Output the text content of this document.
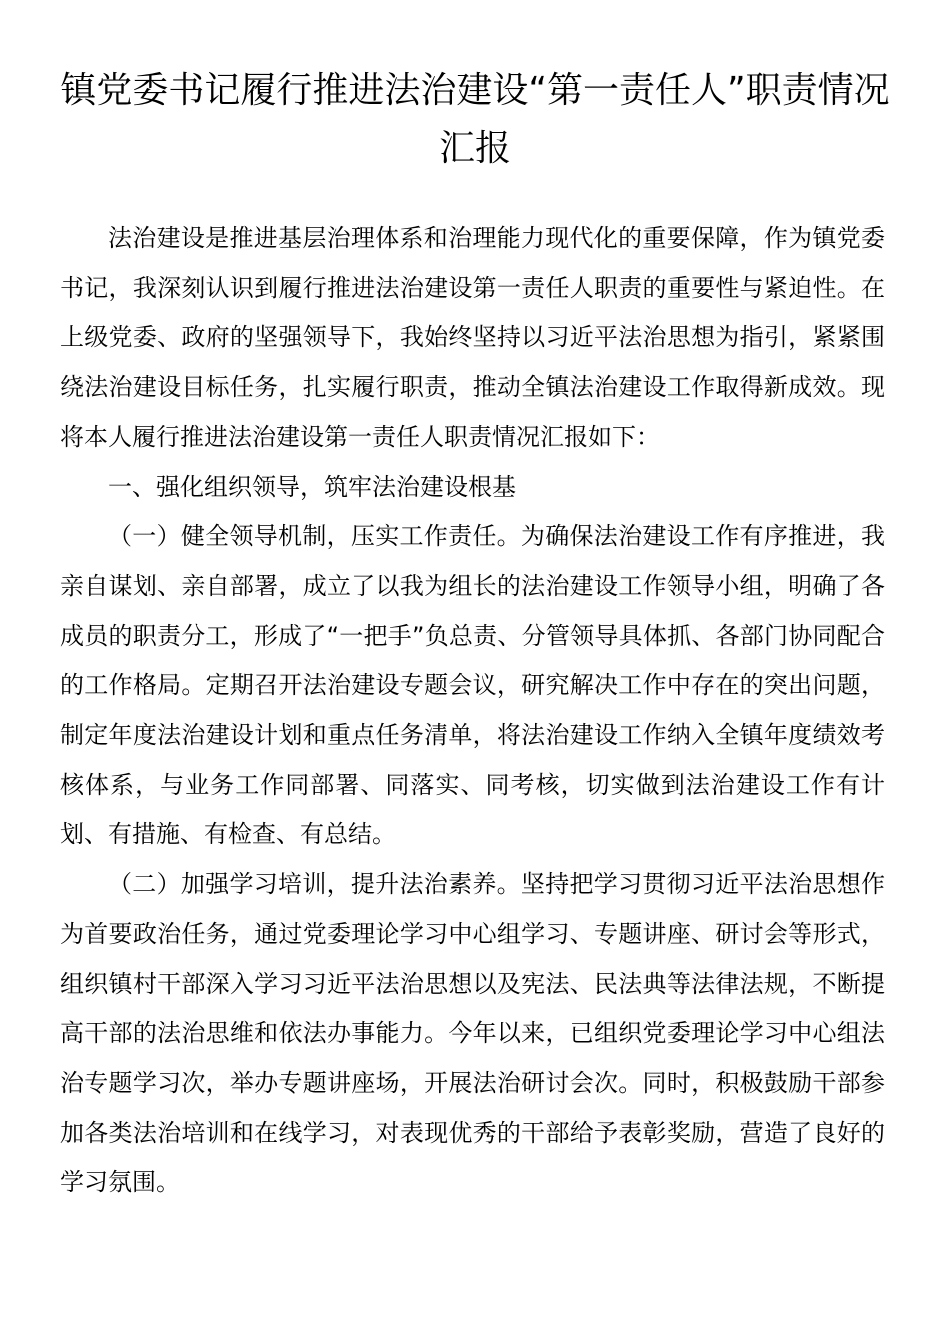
镇党委书记履行推进法治建设“第一责任人”职责情况汇报

法治建设是推进基层治理体系和治理能力现代化的重要保障，作为镇党委书记，我深刻认识到履行推进法治建设第一责任人职责的重要性与紧迫性。在上级党委、政府的坚强领导下，我始终坚持以习近平法治思想为指引，紧紧围绕法治建设目标任务，扎实履行职责，推动全镇法治建设工作取得新成效。现将本人履行推进法治建设第一责任人职责情况汇报如下：

一、强化组织领导，筑牢法治建设根基

（一）健全领导机制，压实工作责任。为确保法治建设工作有序推进，我亲自谋划、亲自部署，成立了以我为组长的法治建设工作领导小组，明确了各成员的职责分工，形成了“一把手”负总责、分管领导具体抓、各部门协同配合的工作格局。定期召开法治建设专题会议，研究解决工作中存在的突出问题，制定年度法治建设计划和重点任务清单，将法治建设工作纳入全镇年度绩效考核体系，与业务工作同部署、同落实、同考核，切实做到法治建设工作有计划、有措施、有检查、有总结。

（二）加强学习培训，提升法治素养。坚持把学习贯彻习近平法治思想作为首要政治任务，通过党委理论学习中心组学习、专题讲座、研讨会等形式，组织镇村干部深入学习习近平法治思想以及宪法、民法典等法律法规，不断提高干部的法治思维和依法办事能力。今年以来，已组织党委理论学习中心组法治专题学习次，举办专题讲座场，开展法治研讨会次。同时，积极鼓励干部参加各类法治培训和在线学习，对表现优秀的干部给予表彰奖励，营造了良好的学习氛围。
